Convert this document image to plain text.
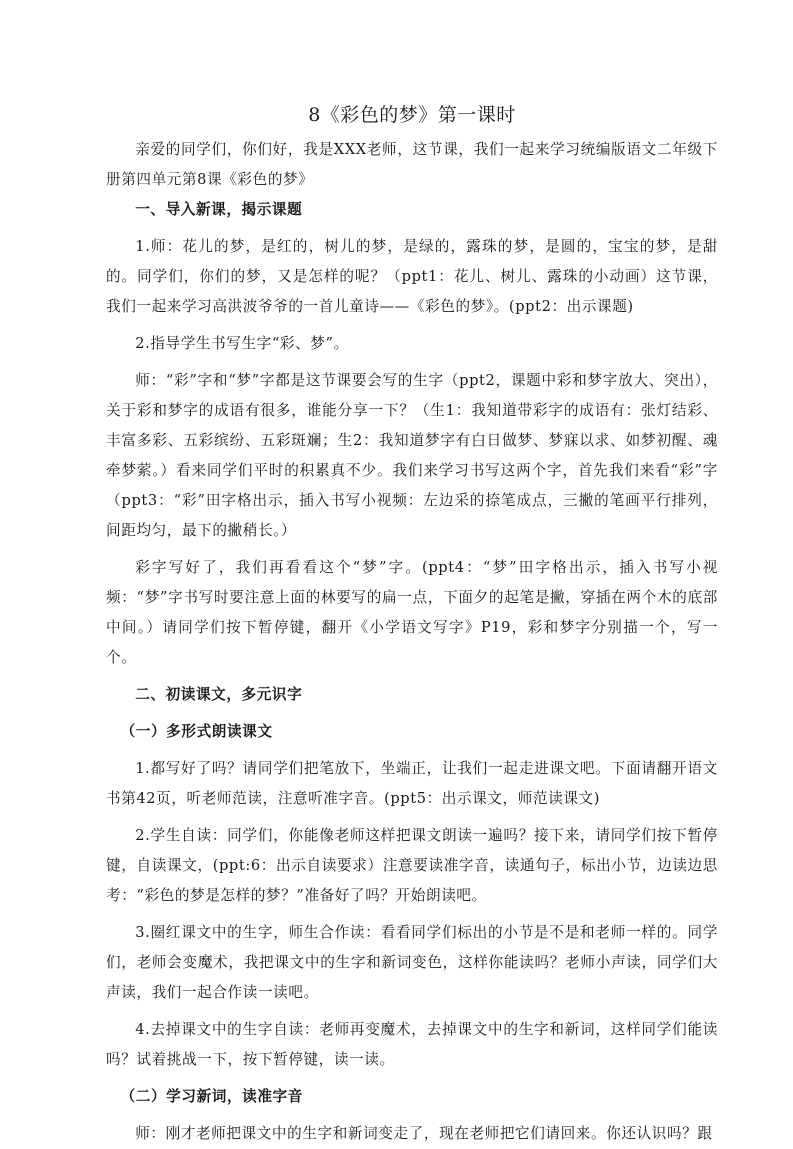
8《彩色的梦》第一课时

亲爱的同学们，你们好，我是XXX老师，这节课，我们一起来学习统编版语文二年级下册第四单元第8课《彩色的梦》

一、导入新课，揭示课题

1.师：花儿的梦，是红的，树儿的梦，是绿的，露珠的梦，是圆的，宝宝的梦，是甜的。同学们，你们的梦，又是怎样的呢？（ppt1：花儿、树儿、露珠的小动画）这节课，我们一起来学习高洪波爷爷的一首儿童诗——《彩色的梦》。(ppt2：出示课题)

2.指导学生书写生字“彩、梦”。

师：“彩”字和“梦”字都是这节课要会写的生字（ppt2，课题中彩和梦字放大、突出），关于彩和梦字的成语有很多，谁能分享一下？（生1：我知道带彩字的成语有：张灯结彩、丰富多彩、五彩缤纷、五彩斑斓；生2：我知道梦字有白日做梦、梦寐以求、如梦初醒、魂牵梦萦。）看来同学们平时的积累真不少。我们来学习书写这两个字，首先我们来看“彩”字（ppt3：“彩”田字格出示，插入书写小视频：左边采的捺笔成点，三撇的笔画平行排列，间距均匀，最下的撇稍长。）

彩字写好了，我们再看看这个“梦”字。(ppt4：“梦”田字格出示，插入书写小视频：“梦”字书写时要注意上面的林要写的扁一点，下面夕的起笔是撇，穿插在两个木的底部中间。）请同学们按下暂停键，翻开《小学语文写字》P19，彩和梦字分别描一个，写一个。

二、初读课文，多元识字

（一）多形式朗读课文

1.都写好了吗？请同学们把笔放下，坐端正，让我们一起走进课文吧。下面请翻开语文书第42页，听老师范读，注意听准字音。(ppt5：出示课文，师范读课文)

2.学生自读：同学们，你能像老师这样把课文朗读一遍吗？接下来，请同学们按下暂停键，自读课文，(ppt:6：出示自读要求）注意要读准字音，读通句子，标出小节，边读边思考：“彩色的梦是怎样的梦？”准备好了吗？开始朗读吧。

3.圈红课文中的生字，师生合作读：看看同学们标出的小节是不是和老师一样的。同学们，老师会变魔术，我把课文中的生字和新词变色，这样你能读吗？老师小声读，同学们大声读，我们一起合作读一读吧。

4.去掉课文中的生字自读：老师再变魔术，去掉课文中的生字和新词，这样同学们能读吗？试着挑战一下，按下暂停键，读一读。

（二）学习新词，读准字音

师：刚才老师把课文中的生字和新词变走了，现在老师把它们请回来。你还认识吗？跟
